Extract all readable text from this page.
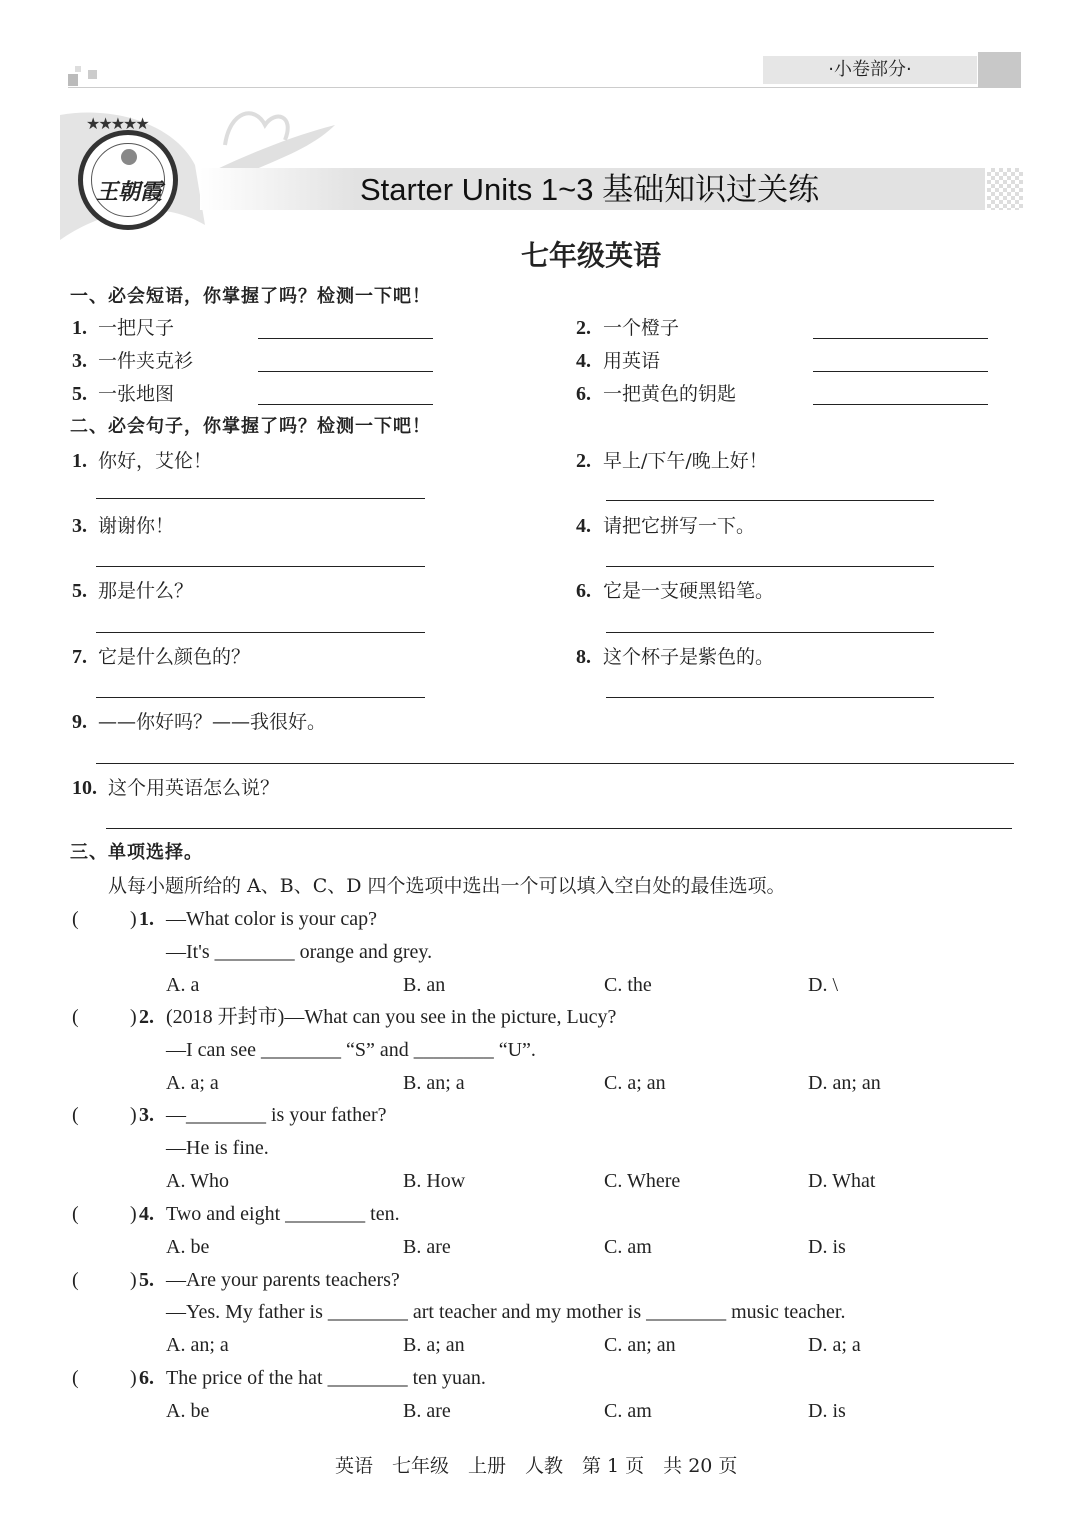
·小卷部分·
王朝霞
★★★★★
Starter Units 1~3 基础知识过关练
七年级英语
一、必会短语，你掌握了吗？检测一下吧！
1. 一把尺子	2. 一个橙子
3. 一件夹克衫	4. 用英语
5. 一张地图	6. 一把黄色的钥匙
二、必会句子，你掌握了吗？检测一下吧！
1. 你好，艾伦！	2. 早上/下午/晚上好！
3. 谢谢你！	4. 请把它拼写一下。
5. 那是什么？	6. 它是一支硬黑铅笔。
7. 它是什么颜色的？	8. 这个杯子是紫色的。
9. ——你好吗？——我很好。
10. 这个用英语怎么说？
三、单项选择。
从每小题所给的 A、B、C、D 四个选项中选出一个可以填入空白处的最佳选项。
(	) 1. —What color is your cap?
—It's ________ orange and grey.
A. a	B. an	C. the	D. \
(	) 2. (2018 开封市)—What can you see in the picture, Lucy?
—I can see ________ “S” and ________ “U”.
A. a; a	B. an; a	C. a; an	D. an; an
(	) 3. —________ is your father?
—He is fine.
A. Who	B. How	C. Where	D. What
(	) 4. Two and eight ________ ten.
A. be	B. are	C. am	D. is
(	) 5. —Are your parents teachers?
—Yes. My father is ________ art teacher and my mother is ________ music teacher.
A. an; a	B. a; an	C. an; an	D. a; a
(	) 6. The price of the hat ________ ten yuan.
A. be	B. are	C. am	D. is
英语　七年级　上册　人教　第 1 页　共 20 页
